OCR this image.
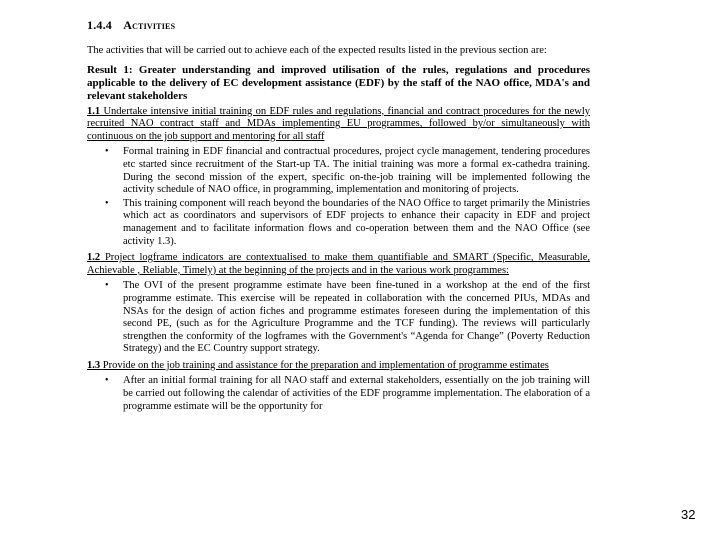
1.4.4 Activities

The activities that will be carried out to achieve each of the expected results listed in the previous section are:

Result 1: Greater understanding and improved utilisation of the rules, regulations and procedures applicable to the delivery of EC development assistance (EDF) by the staff of the NAO office, MDA's and relevant stakeholders

1.1 Undertake intensive initial training on EDF rules and regulations, financial and contract procedures for the newly recruited NAO contract staff and MDAs implementing EU programmes, followed by/or simultaneously with continuous on the job support and mentoring for all staff

• Formal training in EDF financial and contractual procedures, project cycle management, tendering procedures etc started since recruitment of the Start-up TA. The initial training was more a formal ex-cathedra training. During the second mission of the expert, specific on-the-job training will be implemented following the activity schedule of NAO office, in programming, implementation and monitoring of projects.

• This training component will reach beyond the boundaries of the NAO Office to target primarily the Ministries which act as coordinators and supervisors of EDF projects to enhance their capacity in EDF and project management and to facilitate information flows and co-operation between them and the NAO Office (see activity 1.3).

1.2 Project logframe indicators are contextualised to make them quantifiable and SMART (Specific, Measurable, Achievable , Reliable, Timely) at the beginning of the projects and in the various work programmes:

• The OVI of the present programme estimate have been fine-tuned in a workshop at the end of the first programme estimate. This exercise will be repeated in collaboration with the concerned PIUs, MDAs and NSAs for the design of action fiches and programme estimates foreseen during the implementation of this second PE, (such as for the Agriculture Programme and the TCF funding). The reviews will particularly strengthen the conformity of the logframes with the Government's “Agenda for Change” (Poverty Reduction Strategy) and the EC Country support strategy.

1.3 Provide on the job training and assistance for the preparation and implementation of programme estimates

• After an initial formal training for all NAO staff and external stakeholders, essentially on the job training will be carried out following the calendar of activities of the EDF programme implementation. The elaboration of a programme estimate will be the opportunity for

32
